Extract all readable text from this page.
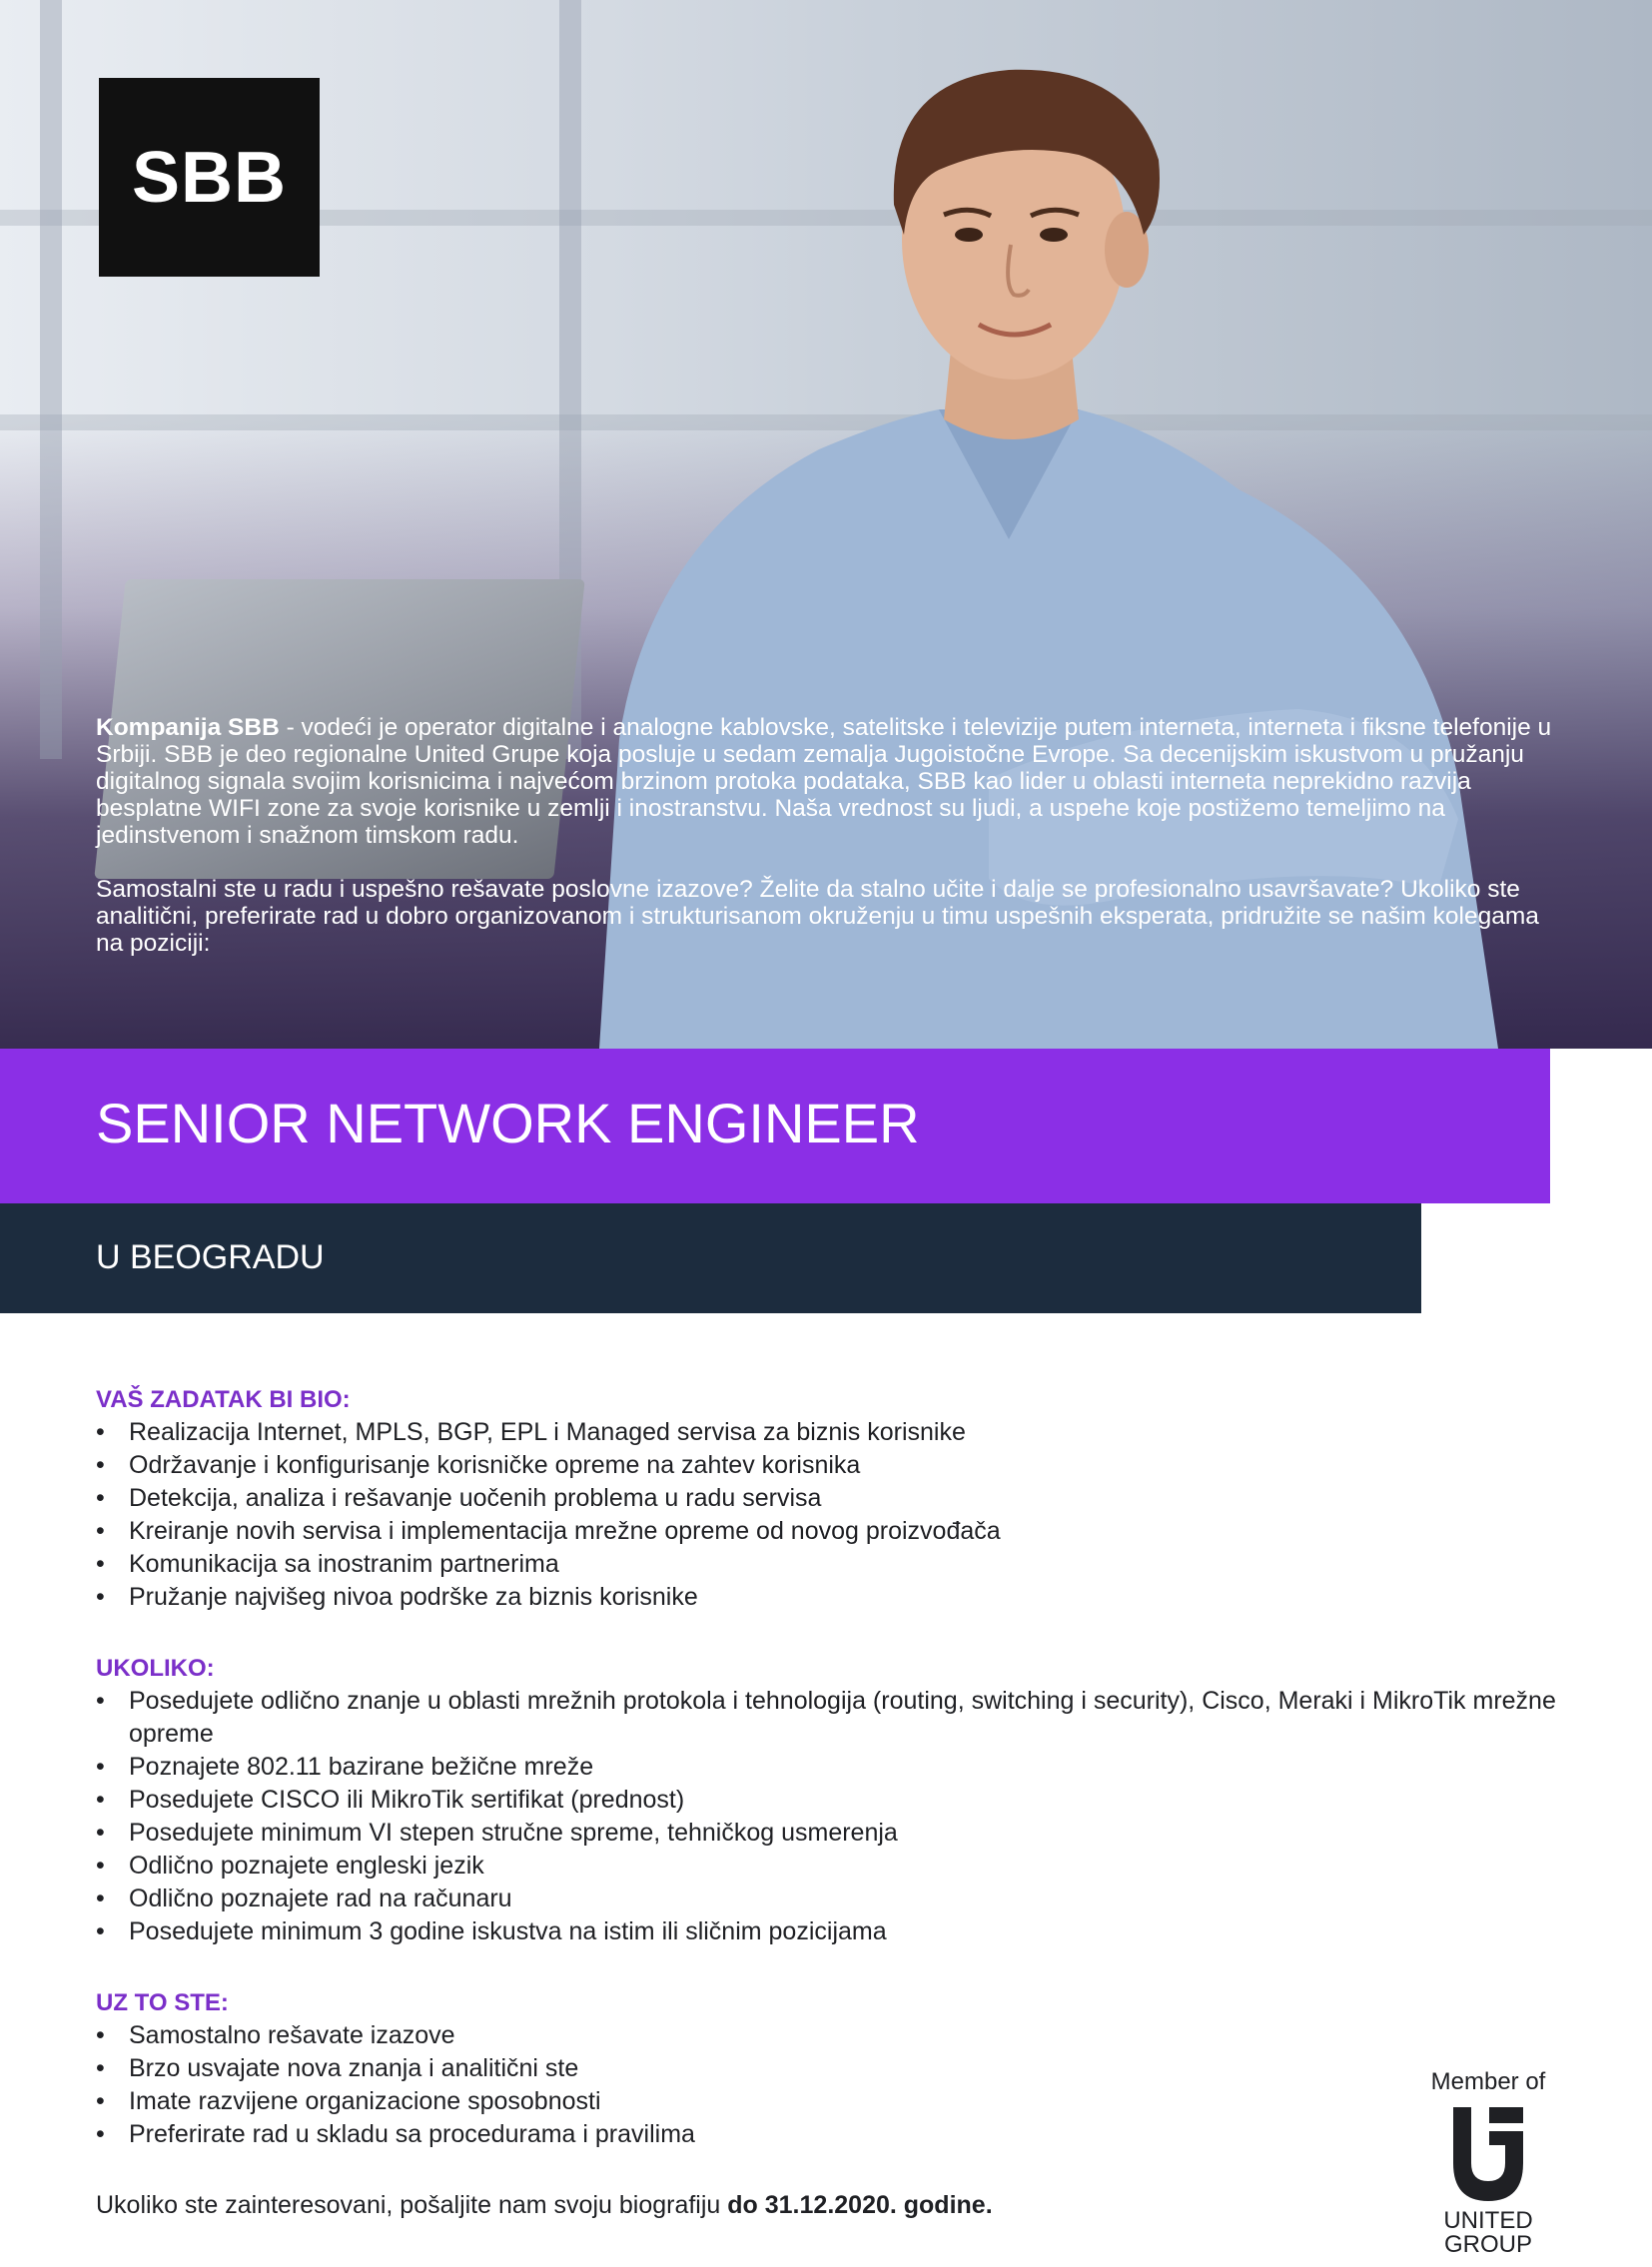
SBB

Kompanija SBB - vodeći je operator digitalne i analogne kablovske, satelitske i televizije putem interneta, interneta i fiksne telefonije u Srbiji. SBB je deo regionalne United Grupe koja posluje u sedam zemalja Jugoistočne Evrope. Sa decenijskim iskustvom u pružanju digitalnog signala svojim korisnicima i najvećom brzinom protoka podataka, SBB kao lider u oblasti interneta neprekidno razvija besplatne WIFI zone za svoje korisnike u zemlji i inostranstvu. Naša vrednost su ljudi, a uspehe koje postižemo temeljimo na jedinstvenom i snažnom timskom radu.

Samostalni ste u radu i uspešno rešavate poslovne izazove? Želite da stalno učite i dalje se profesionalno usavršavate? Ukoliko ste analitični, preferirate rad u dobro organizovanom i strukturisanom okruženju u timu uspešnih eksperata, pridružite se našim kolegama na poziciji:

SENIOR NETWORK ENGINEER
U BEOGRADU
VAŠ ZADATAK BI BIO:
• Realizacija Internet, MPLS, BGP, EPL i Managed servisa za biznis korisnike
• Održavanje i konfigurisanje korisničke opreme na zahtev korisnika
• Detekcija, analiza i rešavanje uočenih problema u radu servisa
• Kreiranje novih servisa i implementacija mrežne opreme od novog proizvođača
• Komunikacija sa inostranim partnerima
• Pružanje najvišeg nivoa podrške za biznis korisnike
UKOLIKO:
• Posedujete odlično znanje u oblasti mrežnih protokola i tehnologija (routing, switching i security), Cisco, Meraki i MikroTik mrežne opreme
• Poznajete 802.11 bazirane bežične mreže
• Posedujete CISCO ili MikroTik sertifikat (prednost)
• Posedujete minimum VI stepen stručne spreme, tehničkog usmerenja
• Odlično poznajete engleski jezik
• Odlično poznajete rad na računaru
• Posedujete minimum 3 godine iskustva na istim ili sličnim pozicijama
UZ TO STE:
• Samostalno rešavate izazove
• Brzo usvajate nova znanja i analitični ste
• Imate razvijene organizacione sposobnosti
• Preferirate rad u skladu sa procedurama i pravilima
Ukoliko ste zainteresovani, pošaljite nam svoju biografiju do 31.12.2020. godine.
Member of
UNITED
GROUP
